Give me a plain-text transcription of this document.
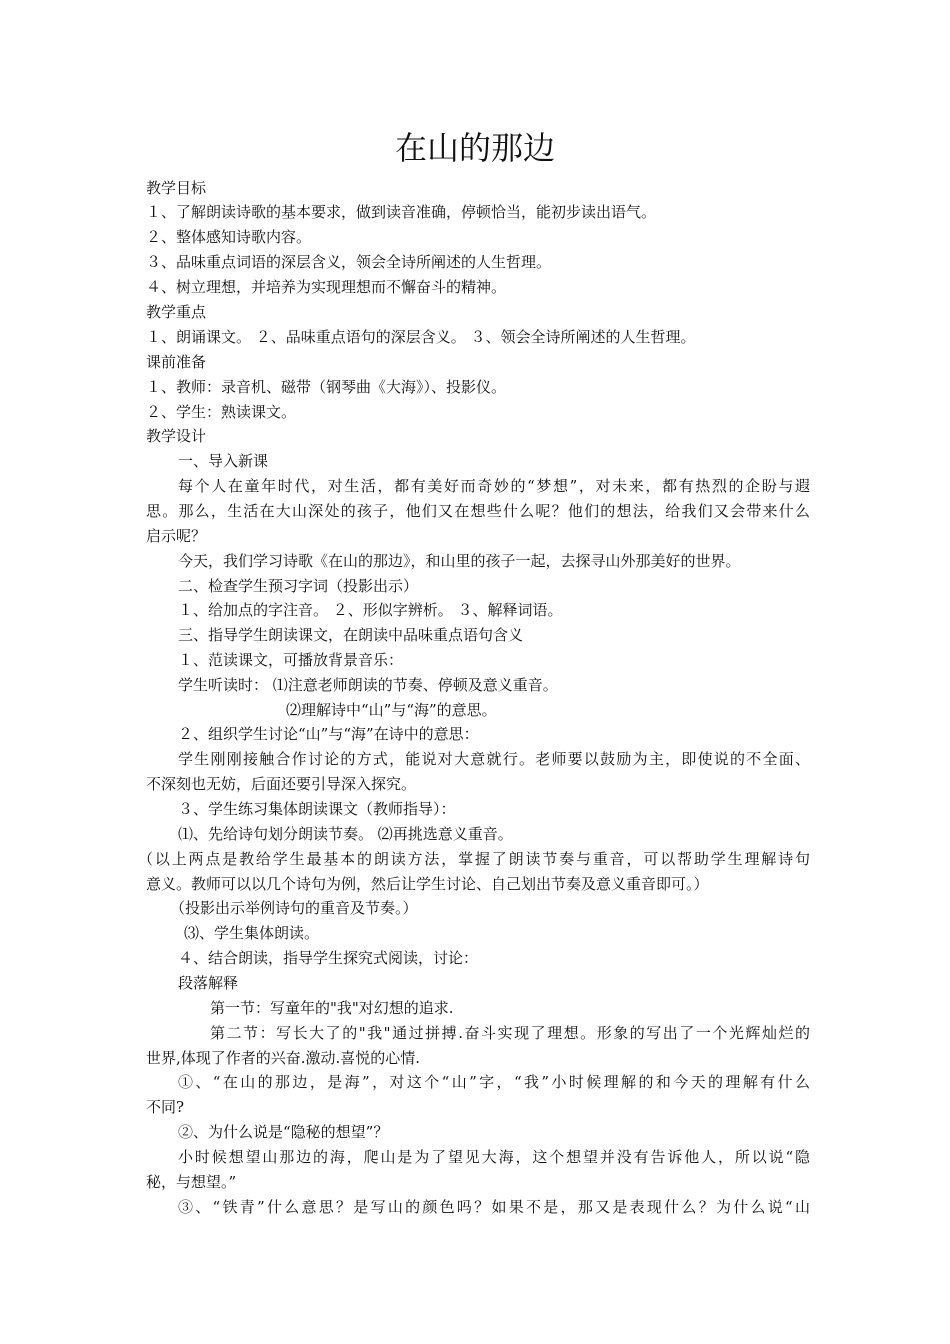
在山的那边
教学目标
１、了解朗读诗歌的基本要求，做到读音准确，停顿恰当，能初步读出语气。
２、整体感知诗歌内容。
３、品味重点词语的深层含义，领会全诗所阐述的人生哲理。
４、树立理想，并培养为实现理想而不懈奋斗的精神。
教学重点
１、朗诵课文。 ２、品味重点语句的深层含义。 ３、领会全诗所阐述的人生哲理。
课前准备
１、教师：录音机、磁带（钢琴曲《大海》）、投影仪。
２、学生：熟读课文。
教学设计
一、导入新课
每个人在童年时代，对生活，都有美好而奇妙的“梦想”，对未来，都有热烈的企盼与遐
思。那么，生活在大山深处的孩子，他们又在想些什么呢？他们的想法，给我们又会带来什么
启示呢？
今天，我们学习诗歌《在山的那边》，和山里的孩子一起，去探寻山外那美好的世界。
二、检查学生预习字词（投影出示）
１、给加点的字注音。 ２、形似字辨析。 ３、解释词语。
三、指导学生朗读课文，在朗读中品味重点语句含义
１、范读课文，可播放背景音乐：
学生听读时： ⑴注意老师朗读的节奏、停顿及意义重音。
⑵理解诗中“山”与“海”的意思。
２、组织学生讨论“山”与“海”在诗中的意思：
学生刚刚接触合作讨论的方式，能说对大意就行。老师要以鼓励为主，即使说的不全面、
不深刻也无妨，后面还要引导深入探究。
３、学生练习集体朗读课文（教师指导）：
⑴、先给诗句划分朗读节奏。 ⑵再挑选意义重音。
（以上两点是教给学生最基本的朗读方法，掌握了朗读节奏与重音，可以帮助学生理解诗句
意义。教师可以以几个诗句为例，然后让学生讨论、自己划出节奏及意义重音即可。）
（投影出示举例诗句的重音及节奏。）
⑶、学生集体朗读。
４、结合朗读，指导学生探究式阅读，讨论：
段落解释
第一节：写童年的"我"对幻想的追求.
第二节：写长大了的"我"通过拼搏.奋斗实现了理想。形象的写出了一个光辉灿烂的
世界,体现了作者的兴奋.激动.喜悦的心情.
①、“在山的那边，是海”，对这个“山”字，“我”小时候理解的和今天的理解有什么
不同?
②、为什么说是“隐秘的想望”？
小时候想望山那边的海，爬山是为了望见大海，这个想望并没有告诉他人，所以说“隐
秘，与想望。”
③、“铁青”什么意思？是写山的颜色吗？如果不是，那又是表现什么？为什么说“山
